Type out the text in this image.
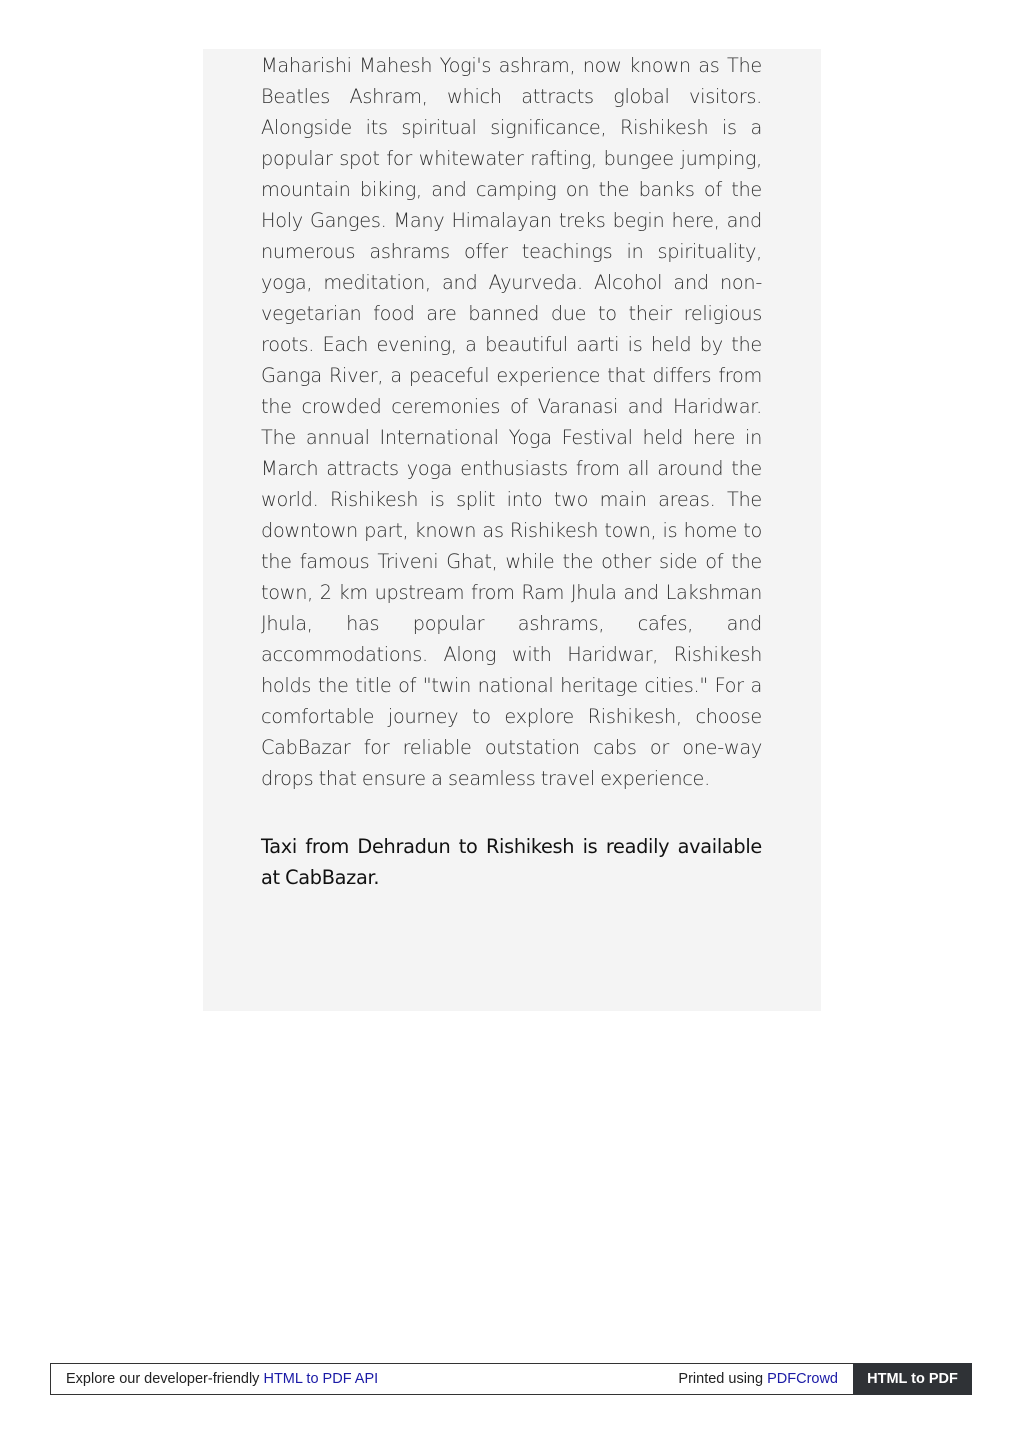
Maharishi Mahesh Yogi's ashram, now known as The Beatles Ashram, which attracts global visitors. Alongside its spiritual significance, Rishikesh is a popular spot for whitewater rafting, bungee jumping, mountain biking, and camping on the banks of the Holy Ganges. Many Himalayan treks begin here, and numerous ashrams offer teachings in spirituality, yoga, meditation, and Ayurveda. Alcohol and non-vegetarian food are banned due to their religious roots. Each evening, a beautiful aarti is held by the Ganga River, a peaceful experience that differs from the crowded ceremonies of Varanasi and Haridwar. The annual International Yoga Festival held here in March attracts yoga enthusiasts from all around the world. Rishikesh is split into two main areas. The downtown part, known as Rishikesh town, is home to the famous Triveni Ghat, while the other side of the town, 2 km upstream from Ram Jhula and Lakshman Jhula, has popular ashrams, cafes, and accommodations. Along with Haridwar, Rishikesh holds the title of "twin national heritage cities." For a comfortable journey to explore Rishikesh, choose CabBazar for reliable outstation cabs or one-way drops that ensure a seamless travel experience.

Taxi from Dehradun to Rishikesh is readily available at CabBazar.

Explore our developer-friendly HTML to PDF API	Printed using PDFCrowd	HTML to PDF
